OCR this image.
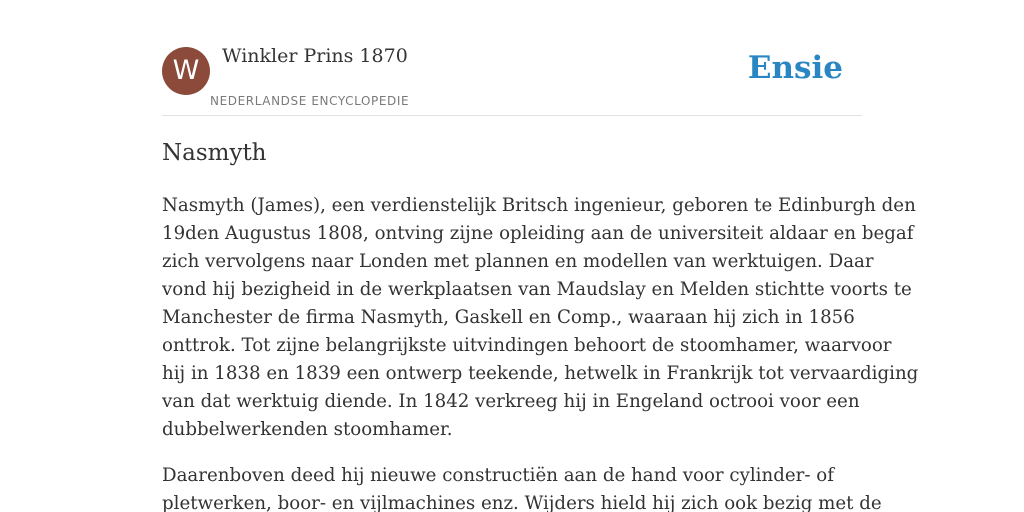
W	Winkler Prins 1870
NEDERLANDSE ENCYCLOPEDIE
Ensie
Nasmyth

Nasmyth (James), een verdienstelijk Britsch ingenieur, geboren te Edinburgh den
19den Augustus 1808, ontving zijne opleiding aan de universiteit aldaar en begaf
zich vervolgens naar Londen met plannen en modellen van werktuigen. Daar
vond hij bezigheid in de werkplaatsen van Maudslay en Melden stichtte voorts te
Manchester de firma Nasmyth, Gaskell en Comp., waaraan hij zich in 1856
onttrok. Tot zijne belangrijkste uitvindingen behoort de stoomhamer, waarvoor
hij in 1838 en 1839 een ontwerp teekende, hetwelk in Frankrijk tot vervaardiging
van dat werktuig diende. In 1842 verkreeg hij in Engeland octrooi voor een
dubbelwerkenden stoomhamer.

Daarenboven deed hij nieuwe constructiën aan de hand voor cylinder- of
pletwerken, boor- en vijlmachines enz. Wijders hield hij zich ook bezig met de
